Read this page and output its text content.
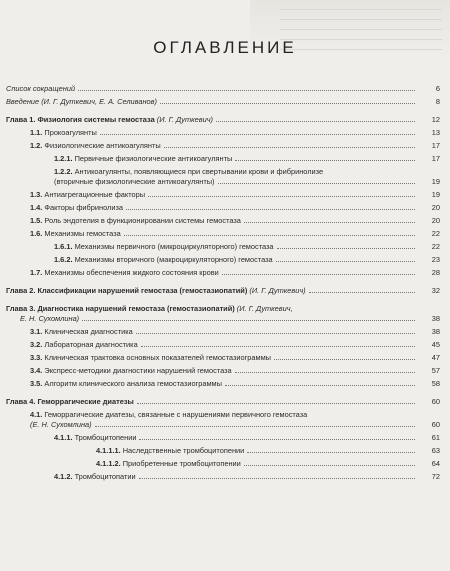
ОГЛАВЛЕНИЕ
Список сокращений	6
Введение (И. Г. Дуткевич, Е. А. Селиванов)	8
Глава 1. Физиология системы гемостаза (И. Г. Дуткевич)	12
1.1. Прокоагулянты	13
1.2. Физиологические антикоагулянты	17
1.2.1. Первичные физиологические антикоагулянты	17
1.2.2. Антикоагулянты, появляющиеся при свертывании крови и фибринолизе
(вторичные физиологические антикоагулянты)	19
1.3. Антиагрегационные факторы	19
1.4. Факторы фибринолиза	20
1.5. Роль эндотелия в функционировании системы гемостаза	20
1.6. Механизмы гемостаза	22
1.6.1. Механизмы первичного (микроциркуляторного) гемостаза	22
1.6.2. Механизмы вторичного (макроциркуляторного) гемостаза	23
1.7. Механизмы обеспечения жидкого состояния крови	28
Глава 2. Классификации нарушений гемостаза (гемостазиопатий) (И. Г. Дуткевич)	32
Глава 3. Диагностика нарушений гемостаза (гемостазиопатий) (И. Г. Дуткевич,
Е. Н. Сухомлина)	38
3.1. Клиническая диагностика	38
3.2. Лабораторная диагностика	45
3.3. Клиническая трактовка основных показателей гемостазиограммы	47
3.4. Экспресс-методики диагностики нарушений гемостаза	57
3.5. Алгоритм клинического анализа гемостазиограммы	58
Глава 4. Геморрагические диатезы	60
4.1. Геморрагические диатезы, связанные с нарушениями первичного гемостаза
(Е. Н. Сухомлина)	60
4.1.1. Тромбоцитопении	61
4.1.1.1. Наследственные тромбоцитопении	63
4.1.1.2. Приобретенные тромбоцитопении	64
4.1.2. Тромбоцитопатии	72
